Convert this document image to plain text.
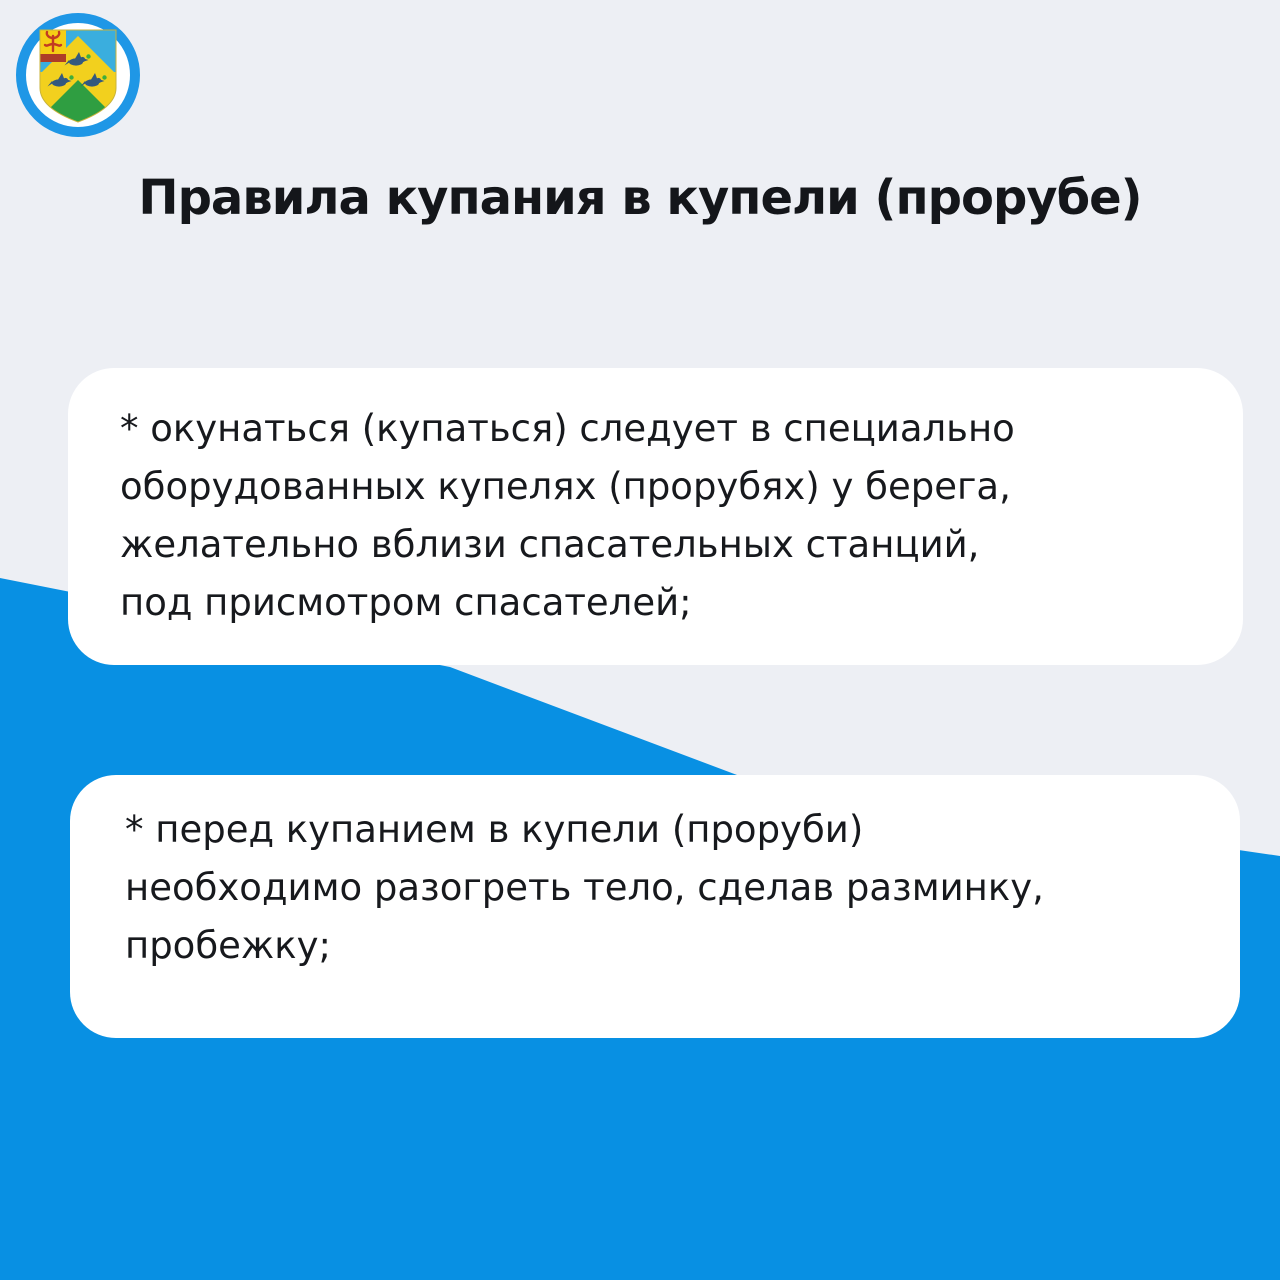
Правила купания в купели (прорубе)
* окунаться (купаться) следует в специально
оборудованных купелях (прорубях) у берега,
желательно вблизи спасательных станций,
под присмотром спасателей;
* перед купанием в купели (проруби)
необходимо разогреть тело, сделав разминку,
пробежку;
